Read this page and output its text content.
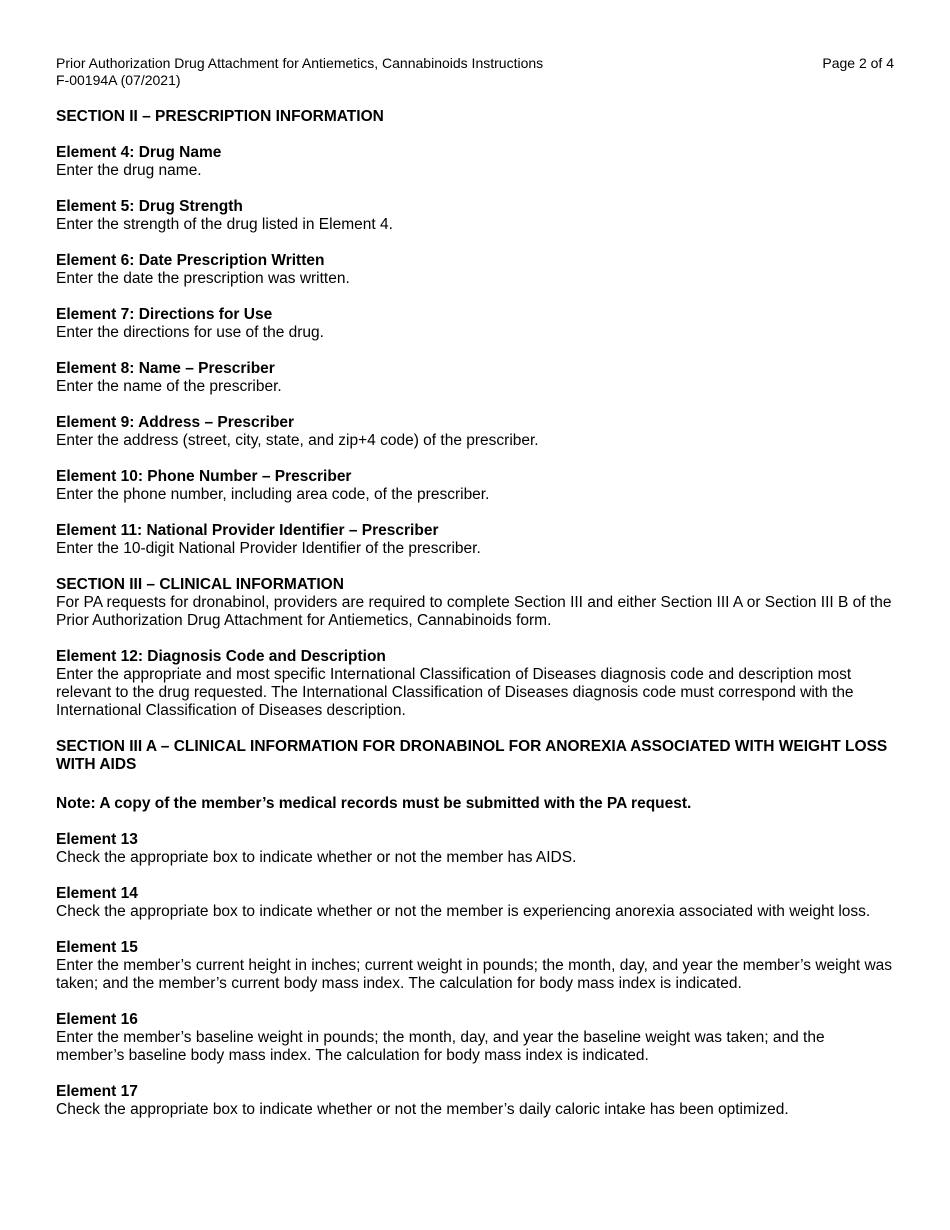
Prior Authorization Drug Attachment for Antiemetics, Cannabinoids Instructions
F-00194A (07/2021)
Page 2 of 4
SECTION II – PRESCRIPTION INFORMATION
Element 4: Drug Name
Enter the drug name.
Element 5: Drug Strength
Enter the strength of the drug listed in Element 4.
Element 6: Date Prescription Written
Enter the date the prescription was written.
Element 7: Directions for Use
Enter the directions for use of the drug.
Element 8: Name – Prescriber
Enter the name of the prescriber.
Element 9: Address – Prescriber
Enter the address (street, city, state, and zip+4 code) of the prescriber.
Element 10: Phone Number – Prescriber
Enter the phone number, including area code, of the prescriber.
Element 11: National Provider Identifier – Prescriber
Enter the 10-digit National Provider Identifier of the prescriber.
SECTION III – CLINICAL INFORMATION
For PA requests for dronabinol, providers are required to complete Section III and either Section III A or Section III B of the Prior Authorization Drug Attachment for Antiemetics, Cannabinoids form.
Element 12: Diagnosis Code and Description
Enter the appropriate and most specific International Classification of Diseases diagnosis code and description most relevant to the drug requested. The International Classification of Diseases diagnosis code must correspond with the International Classification of Diseases description.
SECTION III A – CLINICAL INFORMATION FOR DRONABINOL FOR ANOREXIA ASSOCIATED WITH WEIGHT LOSS WITH AIDS
Note: A copy of the member’s medical records must be submitted with the PA request.
Element 13
Check the appropriate box to indicate whether or not the member has AIDS.
Element 14
Check the appropriate box to indicate whether or not the member is experiencing anorexia associated with weight loss.
Element 15
Enter the member’s current height in inches; current weight in pounds; the month, day, and year the member’s weight was taken; and the member’s current body mass index. The calculation for body mass index is indicated.
Element 16
Enter the member’s baseline weight in pounds; the month, day, and year the baseline weight was taken; and the member’s baseline body mass index. The calculation for body mass index is indicated.
Element 17
Check the appropriate box to indicate whether or not the member’s daily caloric intake has been optimized.
